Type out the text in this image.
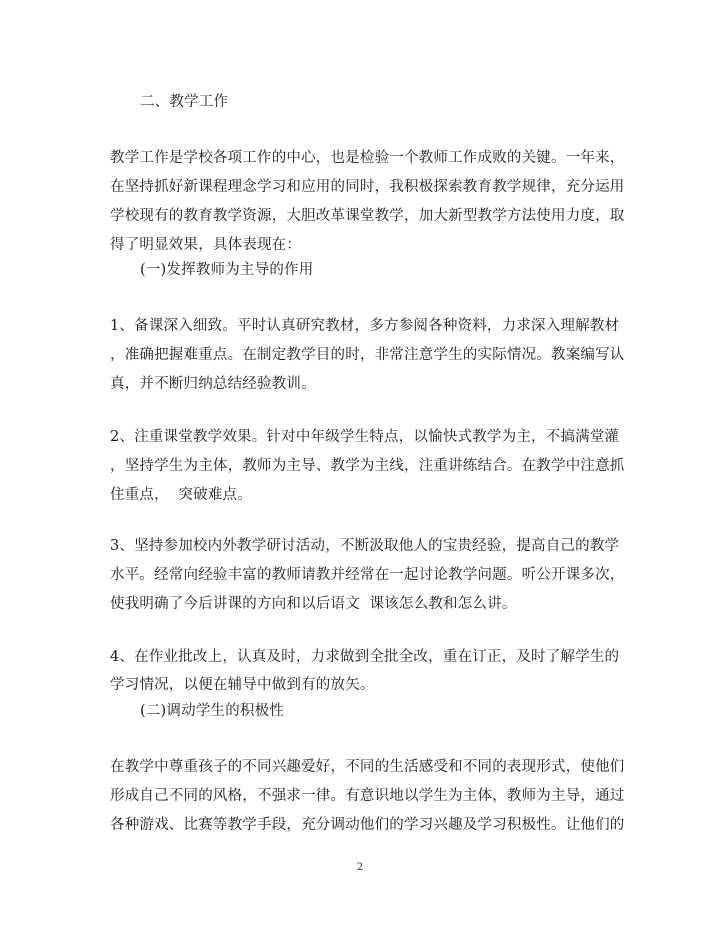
二、教学工作
教学工作是学校各项工作的中心，也是检验一个教师工作成败的关键。一年来，
在坚持抓好新课程理念学习和应用的同时，我积极探索教育教学规律，充分运用
学校现有的教育教学资源，大胆改革课堂教学，加大新型教学方法使用力度，取
得了明显效果，具体表现在：
(一)发挥教师为主导的作用
1、备课深入细致。平时认真研究教材，多方参阅各种资料，力求深入理解教材
，准确把握难重点。在制定教学目的时，非常注意学生的实际情况。教案编写认
真，并不断归纳总结经验教训。
2、注重课堂教学效果。针对中年级学生特点，以愉快式教学为主，不搞满堂灌
，坚持学生为主体，教师为主导、教学为主线，注重讲练结合。在教学中注意抓
住重点，  突破难点。
3、坚持参加校内外教学研讨活动，不断汲取他人的宝贵经验，提高自己的教学
水平。经常向经验丰富的教师请教并经常在一起讨论教学问题。听公开课多次，
使我明确了今后讲课的方向和以后语文  课该怎么教和怎么讲。
4、在作业批改上，认真及时，力求做到全批全改，重在订正，及时了解学生的
学习情况，以便在辅导中做到有的放矢。
(二)调动学生的积极性
在教学中尊重孩子的不同兴趣爱好，不同的生活感受和不同的表现形式，使他们
形成自己不同的风格，不强求一律。有意识地以学生为主体，教师为主导，通过
各种游戏、比赛等教学手段，充分调动他们的学习兴趣及学习积极性。让他们的
2
